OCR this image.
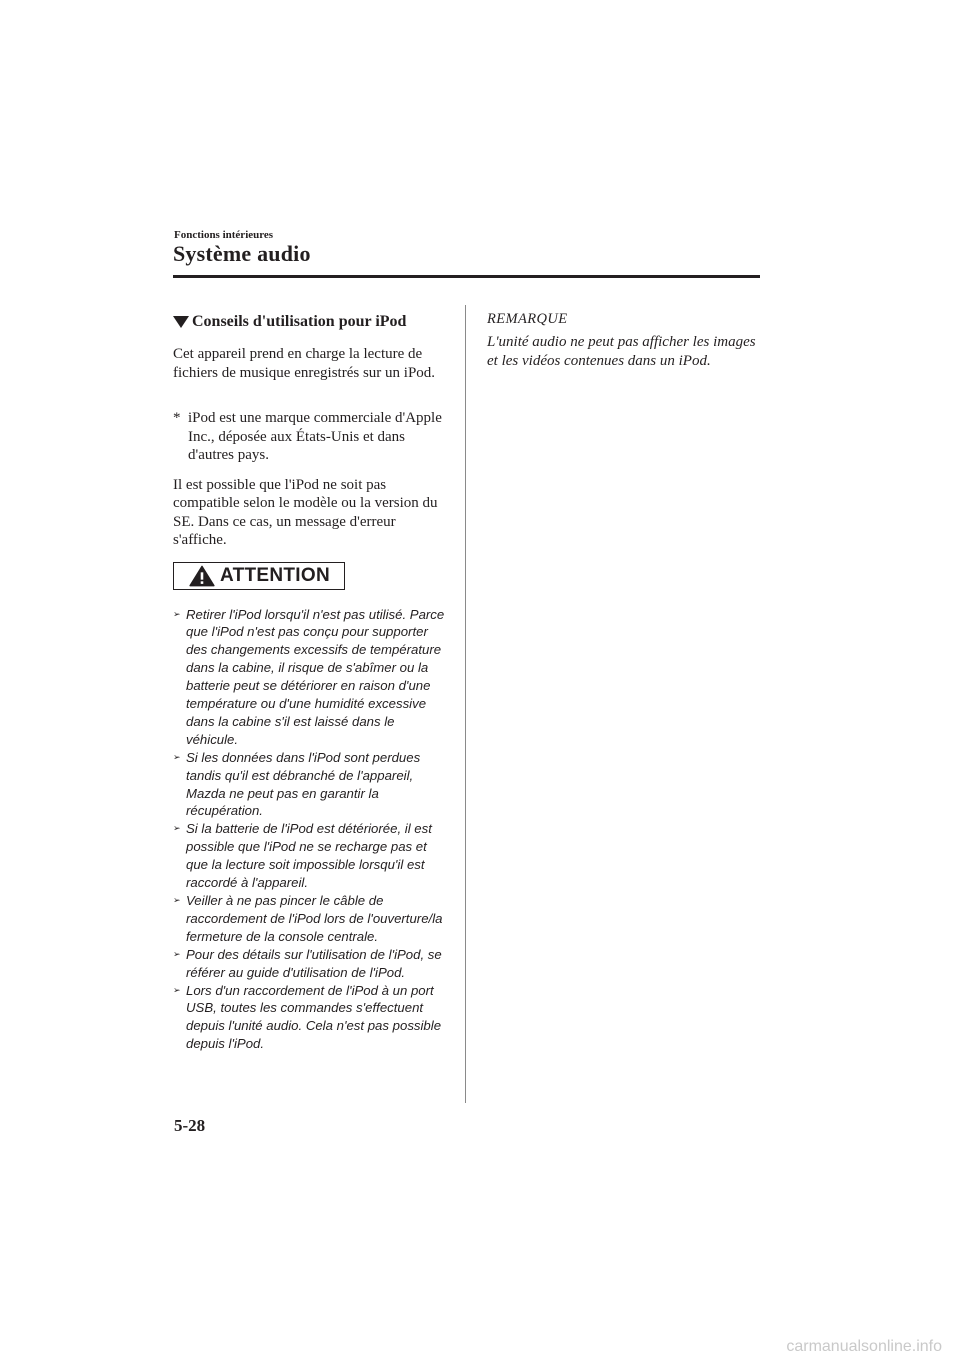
Fonctions intérieures
Système audio
Conseils d'utilisation pour iPod

Cet appareil prend en charge la lecture de fichiers de musique enregistrés sur un iPod.

* iPod est une marque commerciale d'Apple Inc., déposée aux États-Unis et dans d'autres pays.

Il est possible que l'iPod ne soit pas compatible selon le modèle ou la version du SE. Dans ce cas, un message d'erreur s'affiche.

ATTENTION
➢ Retirer l'iPod lorsqu'il n'est pas utilisé. Parce que l'iPod n'est pas conçu pour supporter des changements excessifs de température dans la cabine, il risque de s'abîmer ou la batterie peut se détériorer en raison d'une température ou d'une humidité excessive dans la cabine s'il est laissé dans le véhicule.
➢ Si les données dans l'iPod sont perdues tandis qu'il est débranché de l'appareil, Mazda ne peut pas en garantir la récupération.
➢ Si la batterie de l'iPod est détériorée, il est possible que l'iPod ne se recharge pas et que la lecture soit impossible lorsqu'il est raccordé à l'appareil.
➢ Veiller à ne pas pincer le câble de raccordement de l'iPod lors de l'ouverture/la fermeture de la console centrale.
➢ Pour des détails sur l'utilisation de l'iPod, se référer au guide d'utilisation de l'iPod.
➢ Lors d'un raccordement de l'iPod à un port USB, toutes les commandes s'effectuent depuis l'unité audio. Cela n'est pas possible depuis l'iPod.
REMARQUE

L'unité audio ne peut pas afficher les images et les vidéos contenues dans un iPod.

5-28
carmanualsonline.info
